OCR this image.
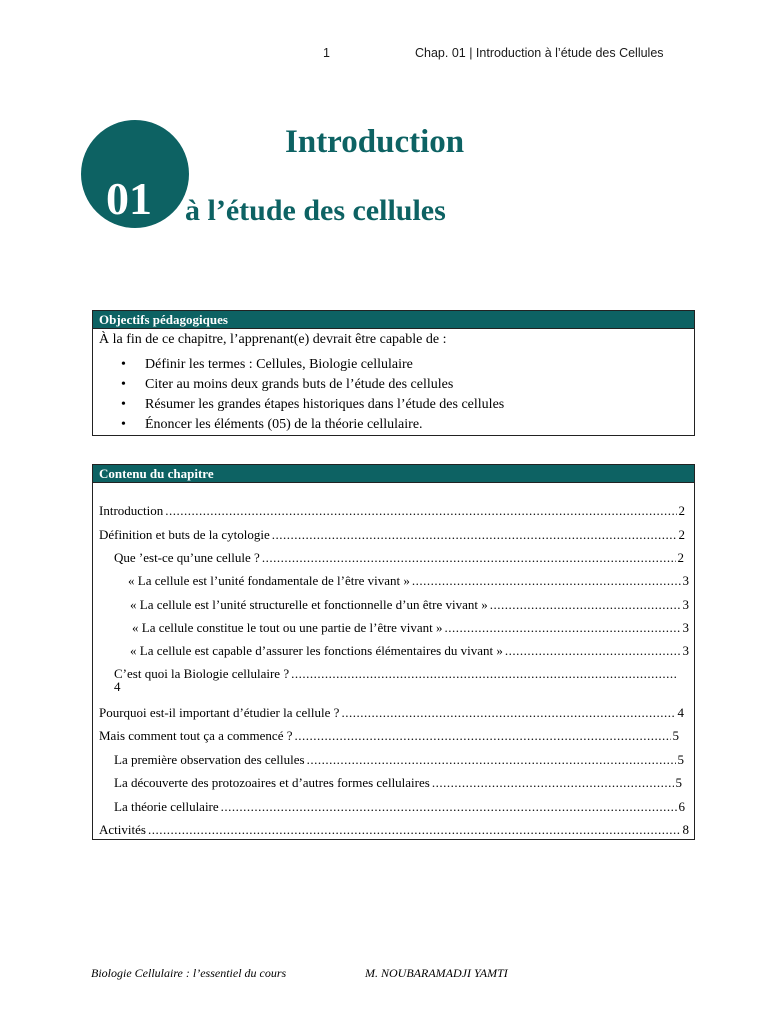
1	Chap. 01 | Introduction à l’étude des Cellules
01
Introduction
à l’étude des cellules
Objectifs pédagogiques
À la fin de ce chapitre, l’apprenant(e) devrait être capable de :
• Définir les termes : Cellules, Biologie cellulaire
• Citer au moins deux grands buts de l’étude des cellules
• Résumer les grandes étapes historiques dans l’étude des cellules
• Énoncer les éléments (05) de la théorie cellulaire.
Contenu du chapitre
Introduction .....	2
Définition et buts de la cytologie .....	2
Que ’est-ce qu’une cellule ? .....	2
« La cellule est l’unité fondamentale de l’être vivant » .....	3
« La cellule est l’unité structurelle et fonctionnelle d’un être vivant » .....	3
« La cellule constitue le tout ou une partie de l’être vivant » .....	3
« La cellule est capable d’assurer les fonctions élémentaires du vivant » .....	3
C’est quoi la Biologie cellulaire ?
.....
4
Pourquoi est-il important d’étudier la cellule ? .....	4
Mais comment tout ça a commencé ? .....	5
La première observation des cellules .....	5
La découverte des protozoaires et d’autres formes cellulaires .....	5
La théorie cellulaire .....	6
Activités .....	8
Biologie Cellulaire : l’essentiel du cours	M. NOUBARAMADJI YAMTI
